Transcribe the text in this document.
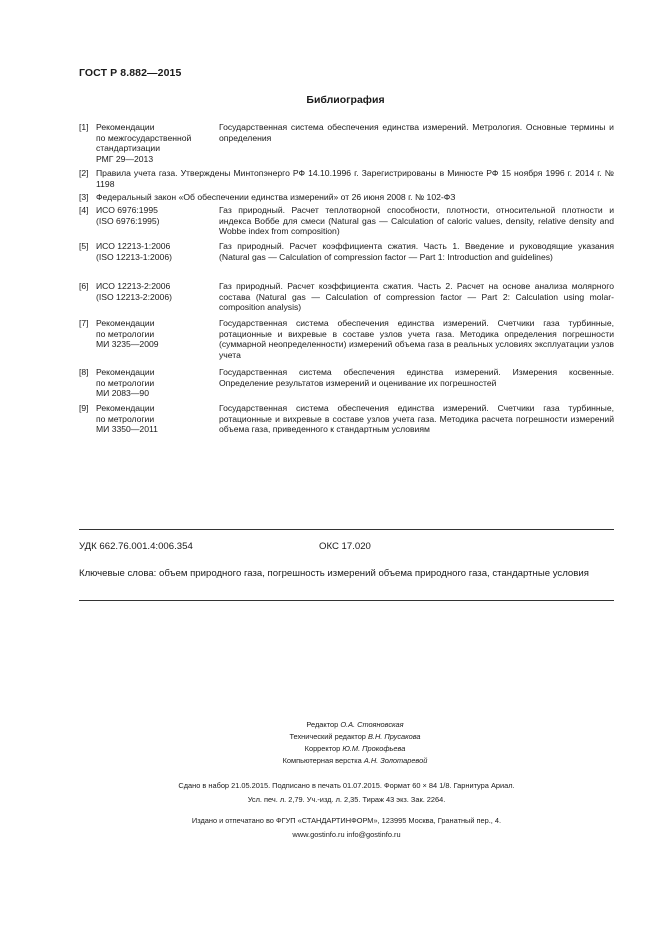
ГОСТ Р 8.882—2015
Библиография
[1] Рекомендации
по межгосударственной
стандартизации
РМГ 29—2013
Государственная система обеспечения единства измерений. Метрология. Основные термины и определения
[2] Правила учета газа. Утверждены Минтопэнерго РФ 14.10.1996 г. Зарегистрированы в Минюсте РФ 15 ноября 1996 г. 2014 г. № 1198
[3] Федеральный закон «Об обеспечении единства измерений» от 26 июня 2008 г. № 102-ФЗ
[4] ИСО 6976:1995
(ISO 6976:1995)
Газ природный. Расчет теплотворной способности, плотности, относительной плотности и индекса Воббе для смеси (Natural gas — Calculation of caloric values, density, relative density and Wobbe index from composition)
[5] ИСО 12213-1:2006
(ISO 12213-1:2006)
Газ природный. Расчет коэффициента сжатия. Часть 1. Введение и руководящие указания (Natural gas — Calculation of compression factor — Part 1: Introduction and guidelines)
[6] ИСО 12213-2:2006
(ISO 12213-2:2006)
Газ природный. Расчет коэффициента сжатия. Часть 2. Расчет на основе анализа молярного состава (Natural gas — Calculation of compression factor — Part 2: Calculation using molar-composition analysis)
[7] Рекомендации
по метрологии
МИ 3235—2009
Государственная система обеспечения единства измерений. Счетчики газа турбинные, ротационные и вихревые в составе узлов учета газа. Методика определения погрешности (суммарной неопределенности) измерений объема газа в реальных условиях эксплуатации узлов учета
[8] Рекомендации
по метрологии
МИ 2083—90
Государственная система обеспечения единства измерений. Измерения косвенные. Определение результатов измерений и оценивание их погрешностей
[9] Рекомендации
по метрологии
МИ 3350—2011
Государственная система обеспечения единства измерений. Счетчики газа турбинные, ротационные и вихревые в составе узлов учета газа. Методика расчета погрешности измерений объема газа, приведенного к стандартным условиям
УДК 662.76.001.4:006.354	ОКС 17.020
Ключевые слова: объем природного газа, погрешность измерений объема природного газа, стандартные условия
Редактор О.А. Стояновская
Технический редактор В.Н. Прусакова
Корректор Ю.М. Прокофьева
Компьютерная верстка А.Н. Золотаревой
Сдано в набор 21.05.2015. Подписано в печать 01.07.2015. Формат 60 × 84 1/8. Гарнитура Ариал.
Усл. печ. л. 2,79. Уч.-изд. л. 2,35. Тираж 43 экз. Зак. 2264.
Издано и отпечатано во ФГУП «СТАНДАРТИНФОРМ», 123995 Москва, Гранатный пер., 4.
www.gostinfo.ru info@gostinfo.ru
